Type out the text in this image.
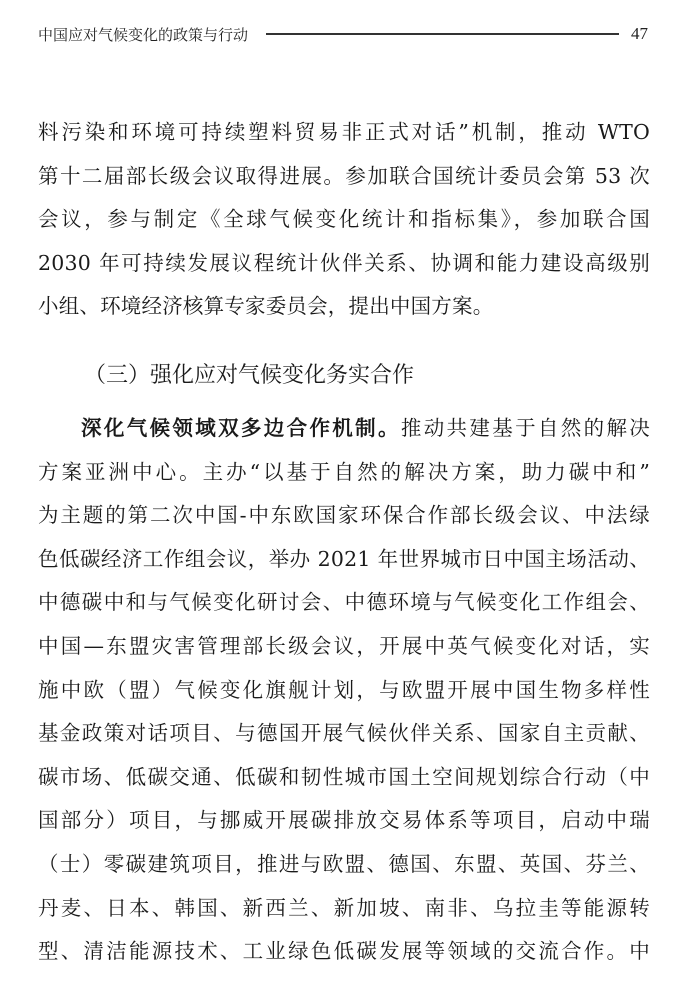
中国应对气候变化的政策与行动	47
料污染和环境可持续塑料贸易非正式对话”机制，推动 WTO
第十二届部长级会议取得进展。参加联合国统计委员会第 53 次
会议，参与制定《全球气候变化统计和指标集》，参加联合国
2030 年可持续发展议程统计伙伴关系、协调和能力建设高级别
小组、环境经济核算专家委员会，提出中国方案。
（三）强化应对气候变化务实合作
深化气候领域双多边合作机制。推动共建基于自然的解决
方案亚洲中心。主办“以基于自然的解决方案，助力碳中和”
为主题的第二次中国-中东欧国家环保合作部长级会议、中法绿
色低碳经济工作组会议，举办 2021 年世界城市日中国主场活动、
中德碳中和与气候变化研讨会、中德环境与气候变化工作组会、
中国—东盟灾害管理部长级会议，开展中英气候变化对话，实
施中欧（盟）气候变化旗舰计划，与欧盟开展中国生物多样性
基金政策对话项目、与德国开展气候伙伴关系、国家自主贡献、
碳市场、低碳交通、低碳和韧性城市国土空间规划综合行动（中
国部分）项目，与挪威开展碳排放交易体系等项目，启动中瑞
（士）零碳建筑项目，推进与欧盟、德国、东盟、英国、芬兰、
丹麦、日本、韩国、新西兰、新加坡、南非、乌拉圭等能源转
型、清洁能源技术、工业绿色低碳发展等领域的交流合作。中
